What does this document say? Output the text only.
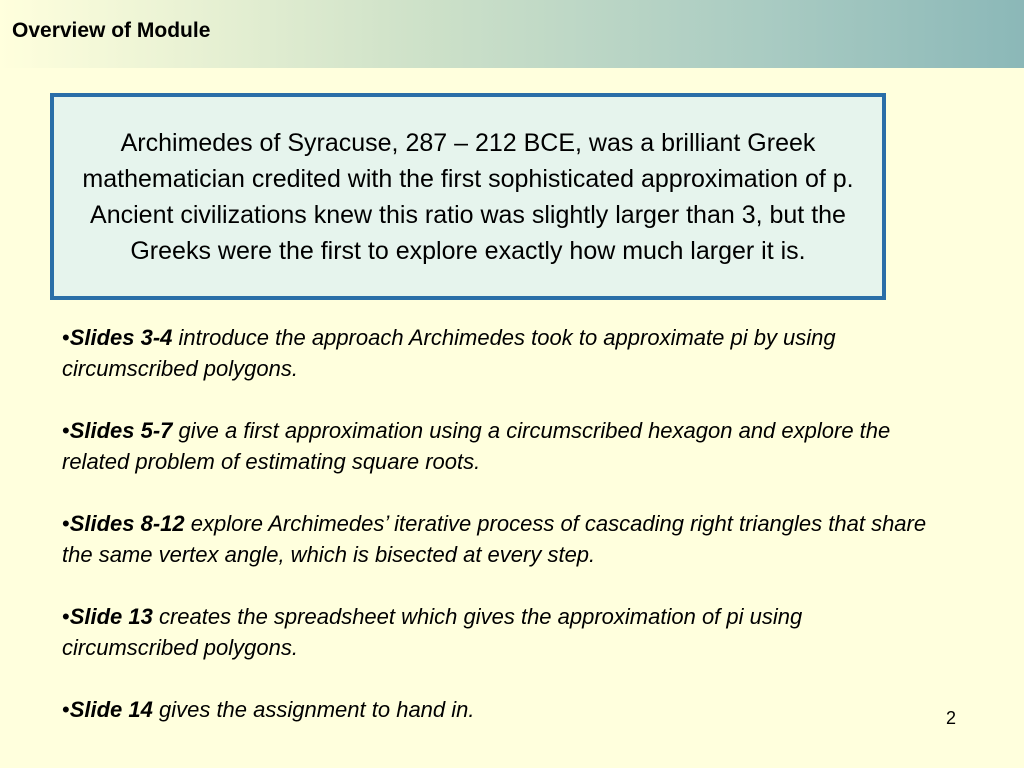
Overview of Module

Archimedes of Syracuse, 287 – 212 BCE, was a brilliant Greek mathematician credited with the first sophisticated approximation of p. Ancient civilizations knew this ratio was slightly larger than 3, but the Greeks were the first to explore exactly how much larger it is.

•Slides 3-4 introduce the approach Archimedes took to approximate pi by using circumscribed polygons.
•Slides 5-7 give a first approximation using a circumscribed hexagon and explore the related problem of estimating square roots.
•Slides 8-12 explore Archimedes’ iterative process of cascading right triangles that share the same vertex angle, which is bisected at every step.
•Slide 13 creates the spreadsheet which gives the approximation of pi using circumscribed polygons.
•Slide 14 gives the assignment to hand in.	2
